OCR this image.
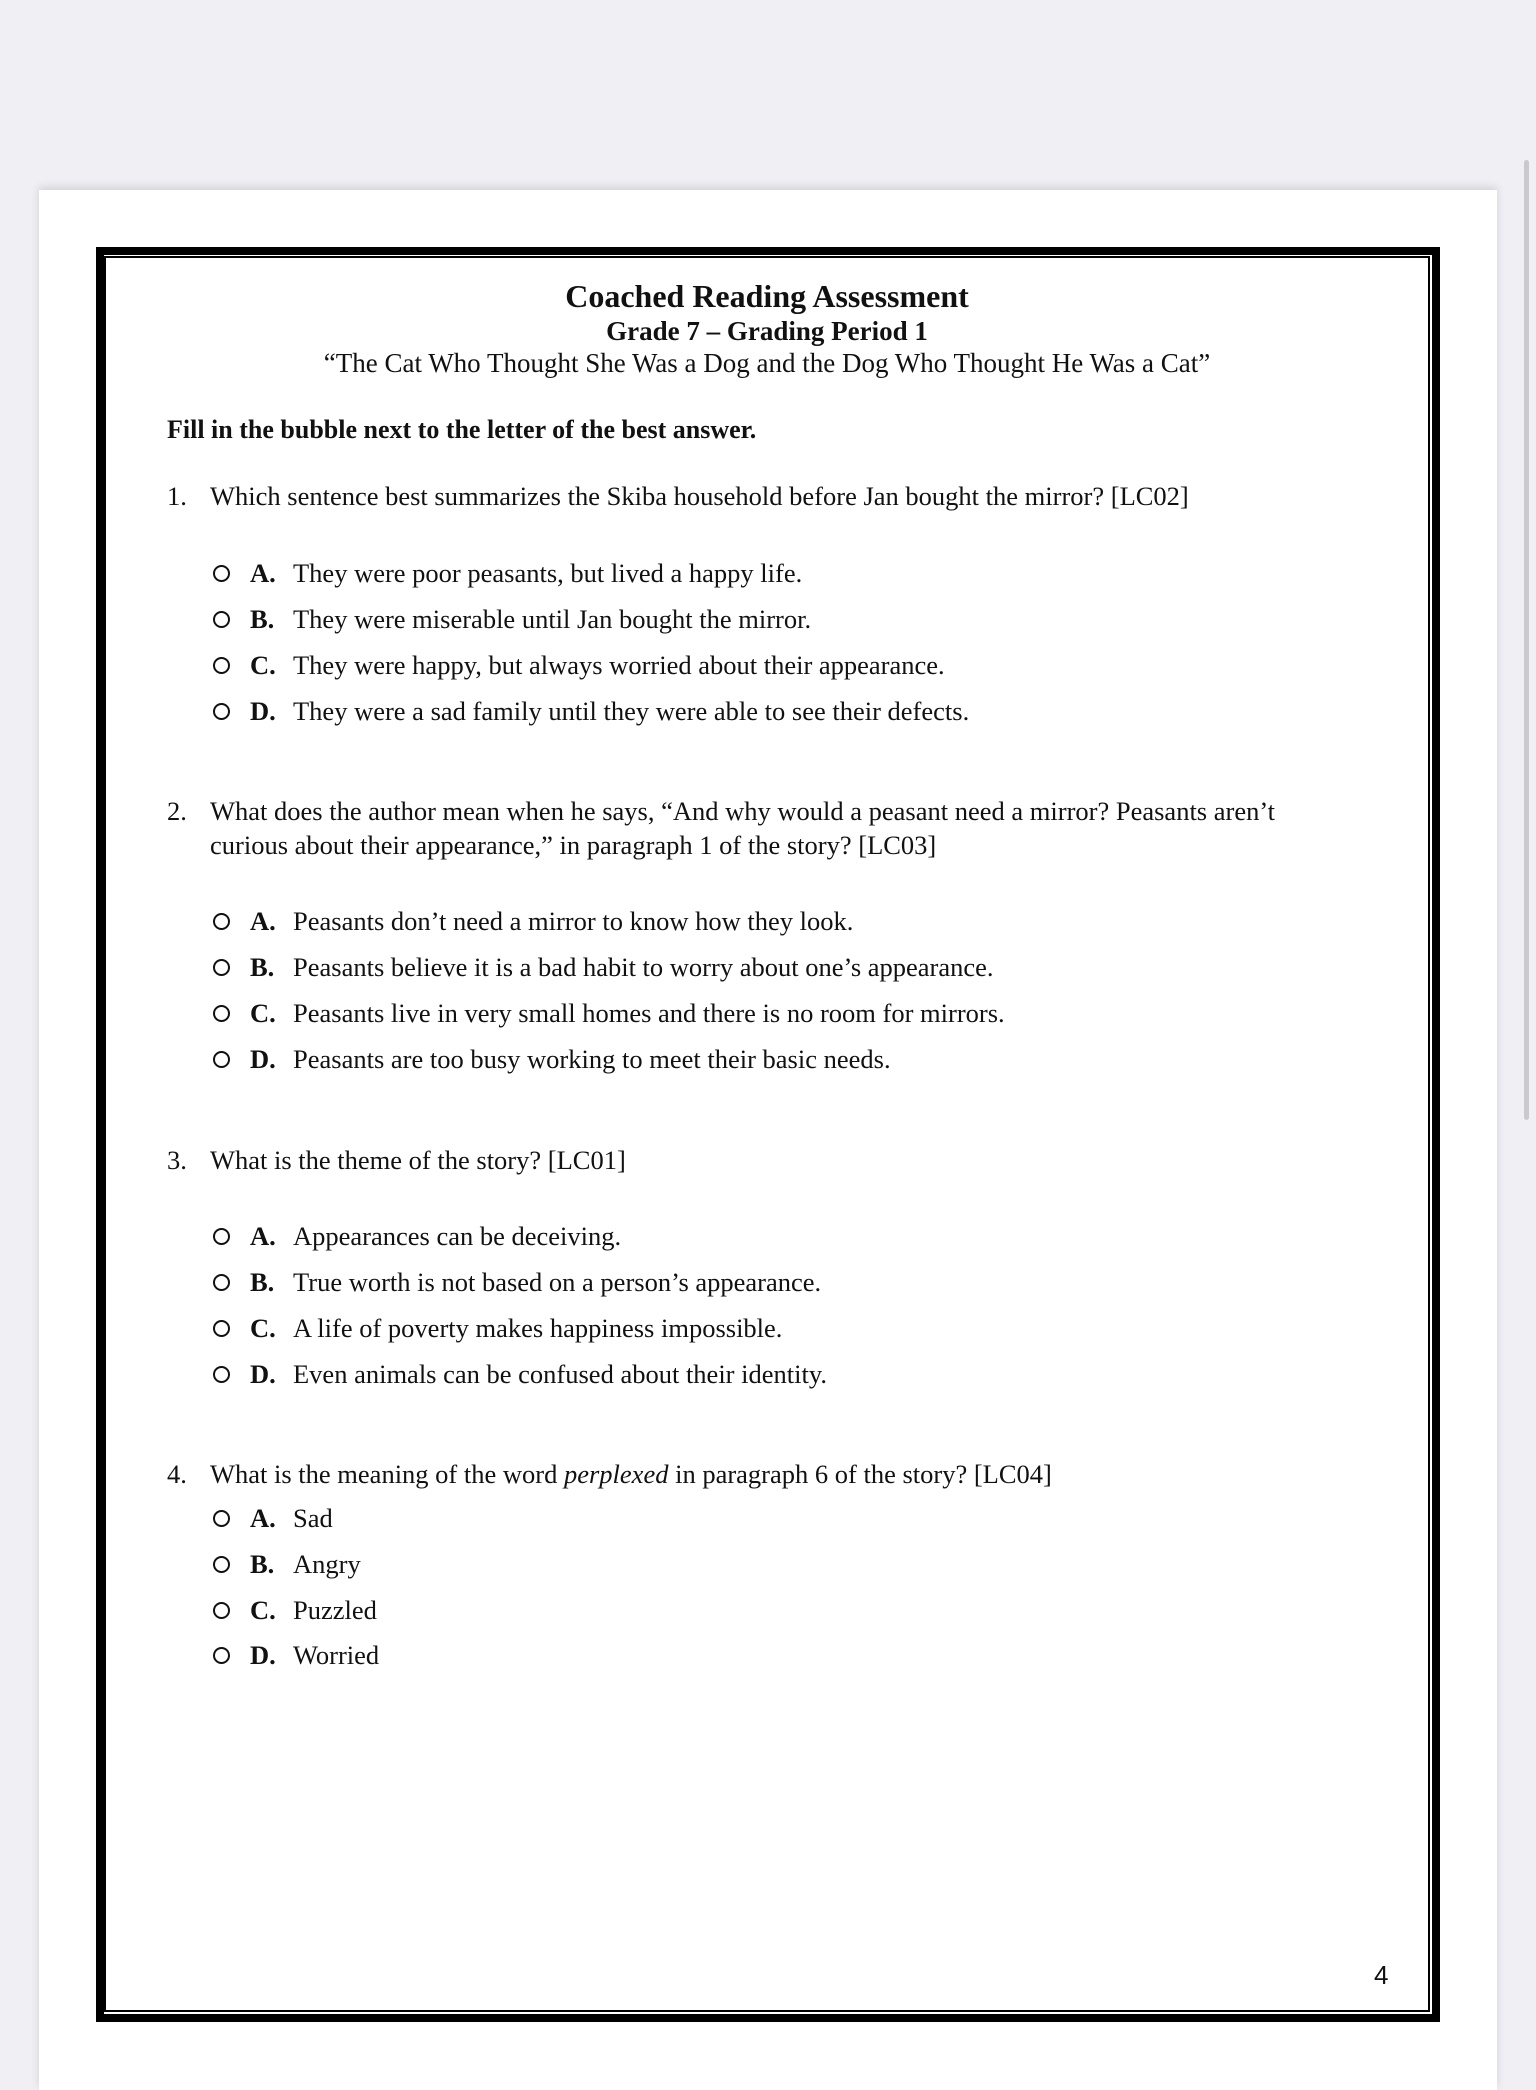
Coached Reading Assessment
Grade 7 – Grading Period 1
“The Cat Who Thought She Was a Dog and the Dog Who Thought He Was a Cat”
Fill in the bubble next to the letter of the best answer.
1. Which sentence best summarizes the Skiba household before Jan bought the mirror? [LC02]
2. What does the author mean when he says, “And why would a peasant need a mirror? Peasants aren’t
curious about their appearance,” in paragraph 1 of the story? [LC03]
3. What is the theme of the story? [LC01]
4. What is the meaning of the word perplexed in paragraph 6 of the story? [LC04]
A. They were poor peasants, but lived a happy life.
B. They were miserable until Jan bought the mirror.
C. They were happy, but always worried about their appearance.
D. They were a sad family until they were able to see their defects.
A. Peasants don’t need a mirror to know how they look.
B. Peasants believe it is a bad habit to worry about one’s appearance.
C. Peasants live in very small homes and there is no room for mirrors.
D. Peasants are too busy working to meet their basic needs.
A. Appearances can be deceiving.
B. True worth is not based on a person’s appearance.
C. A life of poverty makes happiness impossible.
D. Even animals can be confused about their identity.
A. Sad
B. Angry
C. Puzzled
D. Worried
4
